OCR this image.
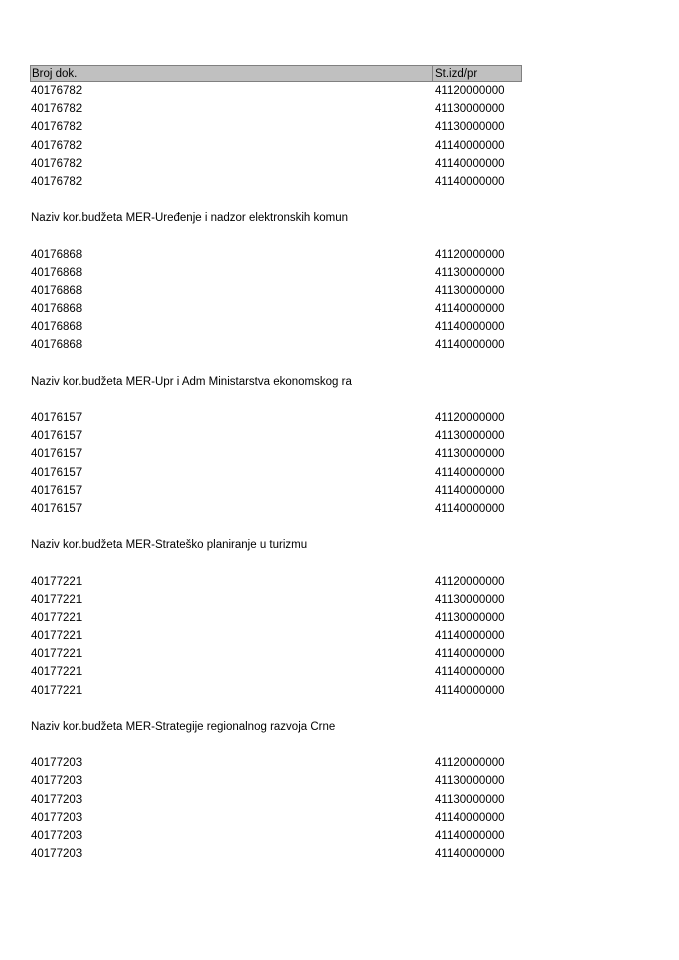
Broj dok.	St.izd/pr
40176782	41120000000
40176782	41130000000
40176782	41130000000
40176782	41140000000
40176782	41140000000
40176782	41140000000
Naziv kor.budžeta MER-Uređenje i nadzor elektronskih komun
40176868	41120000000
40176868	41130000000
40176868	41130000000
40176868	41140000000
40176868	41140000000
40176868	41140000000
Naziv kor.budžeta MER-Upr i Adm Ministarstva ekonomskog ra
40176157	41120000000
40176157	41130000000
40176157	41130000000
40176157	41140000000
40176157	41140000000
40176157	41140000000
Naziv kor.budžeta MER-Strateško planiranje u turizmu
40177221	41120000000
40177221	41130000000
40177221	41130000000
40177221	41140000000
40177221	41140000000
40177221	41140000000
40177221	41140000000
Naziv kor.budžeta MER-Strategije regionalnog razvoja Crne
40177203	41120000000
40177203	41130000000
40177203	41130000000
40177203	41140000000
40177203	41140000000
40177203	41140000000
